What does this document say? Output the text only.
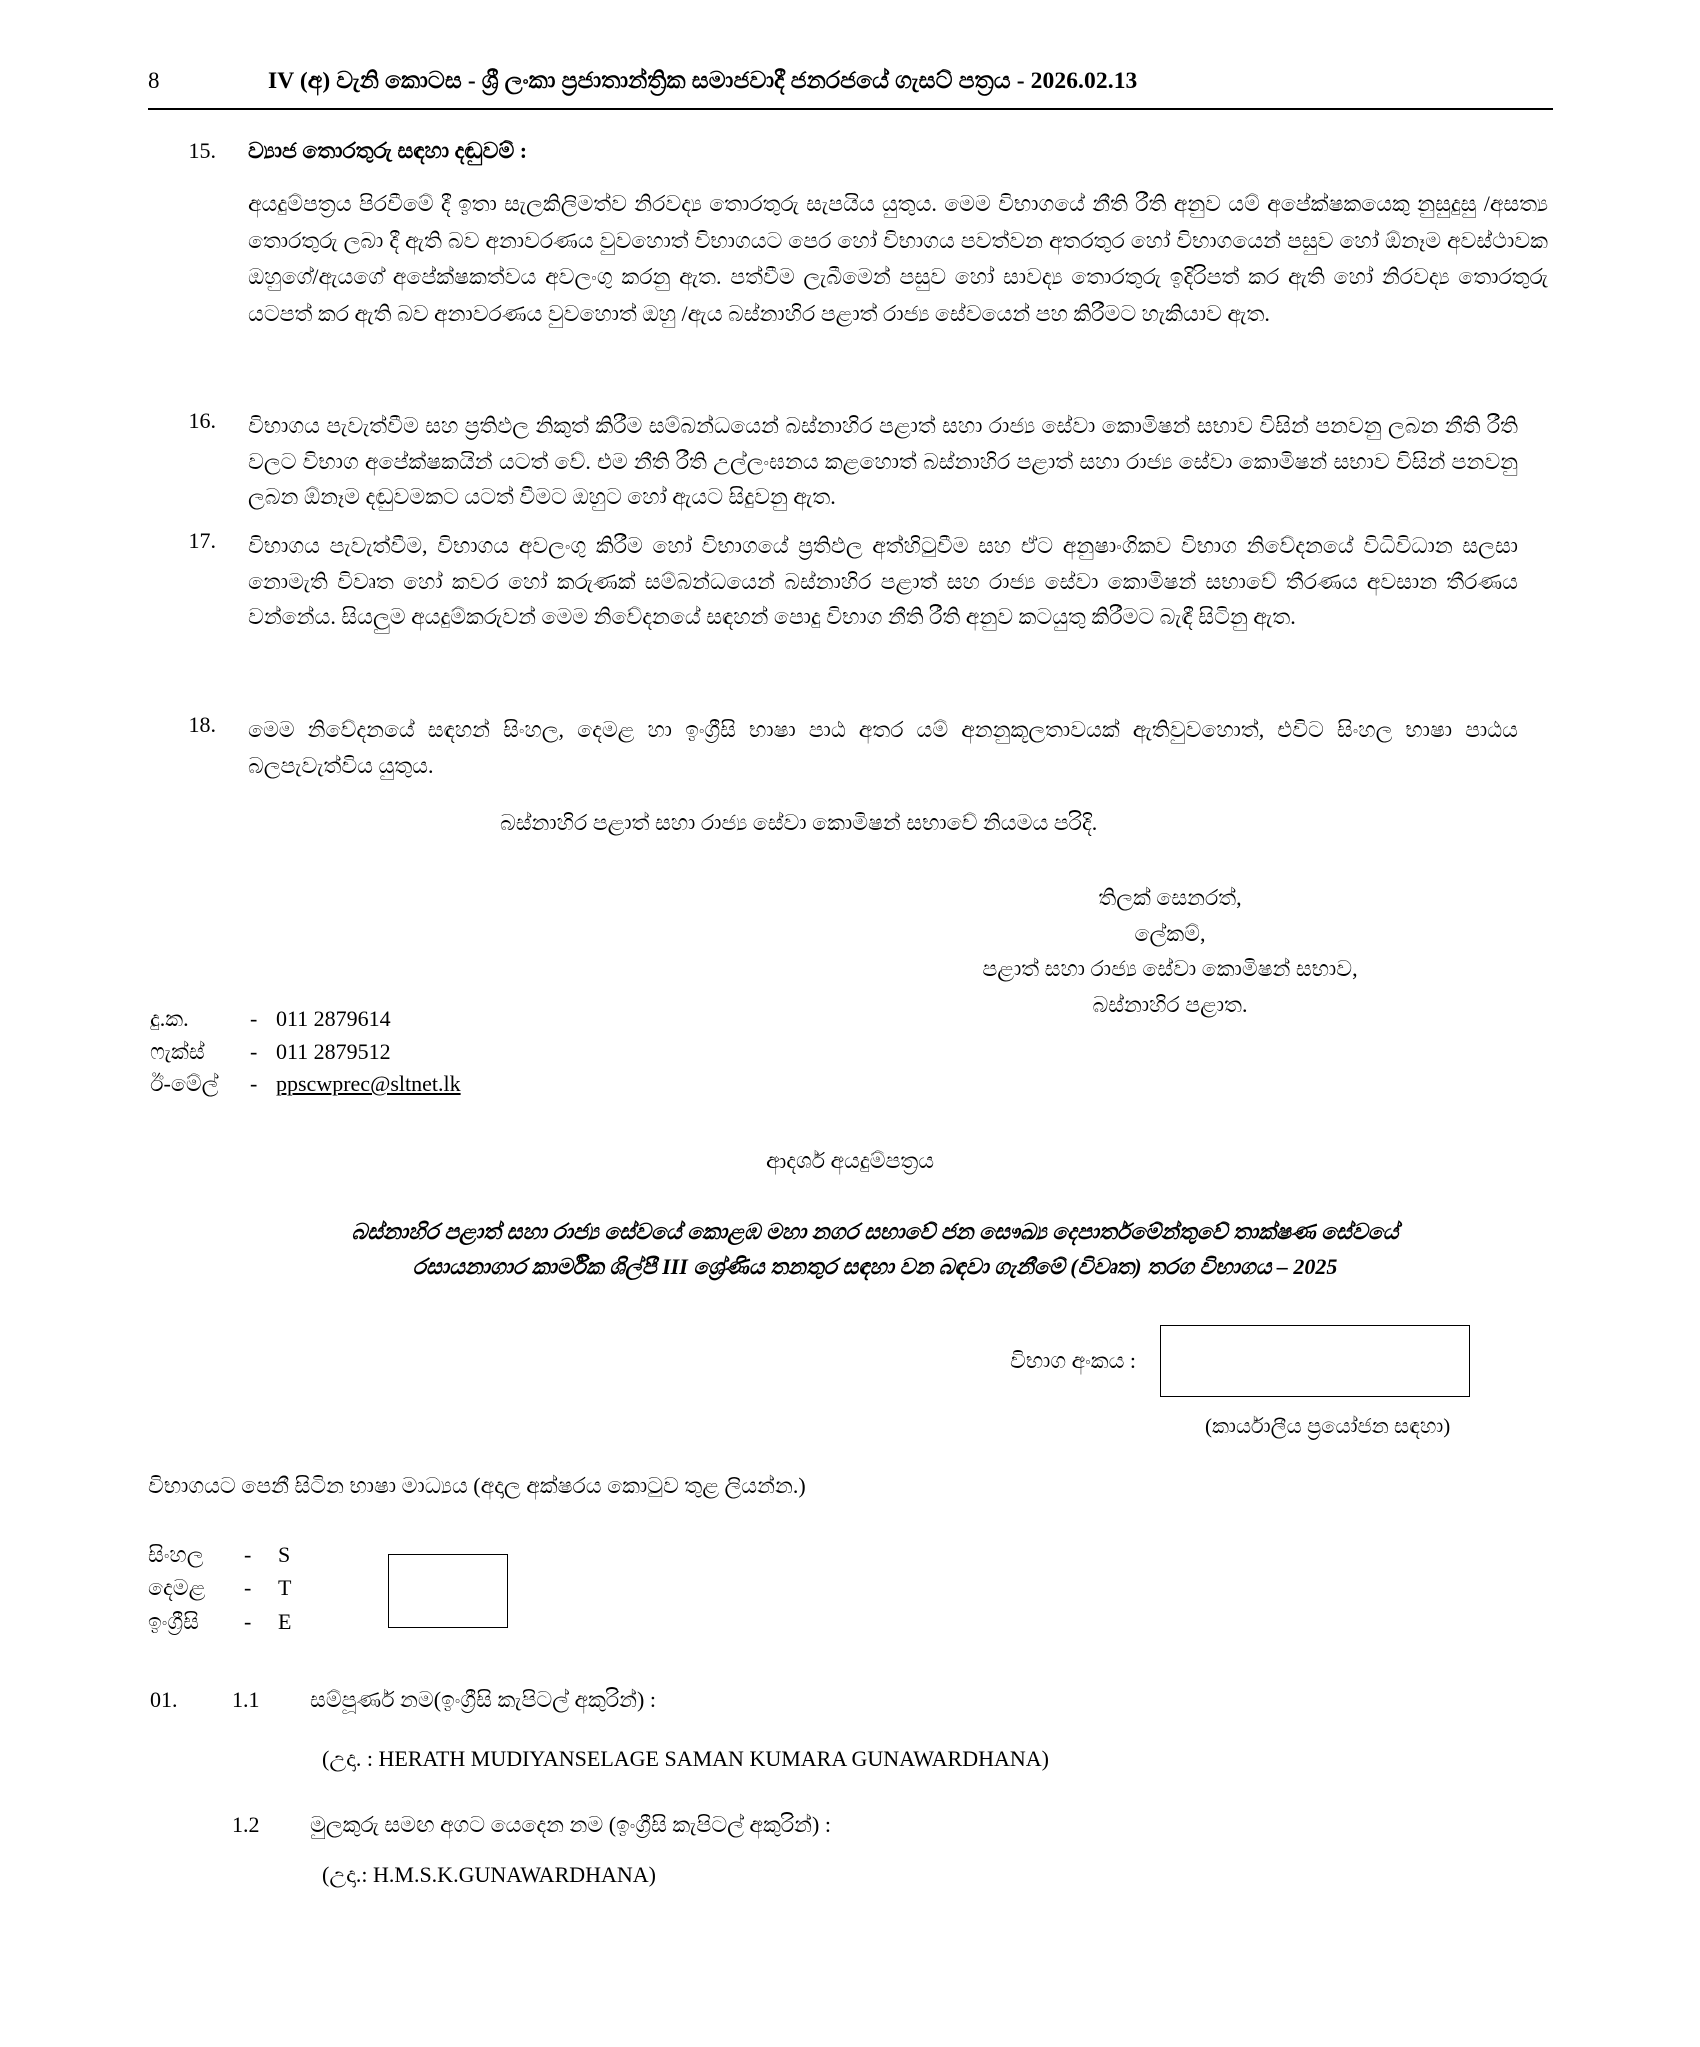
8	IV (අ) වැනි කොටස - ශ්‍රී ලංකා ප්‍රජාතාන්ත්‍රික සමාජවාදී ජනරජයේ ගැසට් පත්‍රය - 2026.02.13
15.	ව්‍යාජ තොරතුරු සඳහා දඬුවම් :
අයදුම්පත්‍රය පිරවීමේ දී ඉතා සැලකිලිමත්ව නිරවද්‍ය තොරතුරු සැපයිය යුතුය. මෙම විභාගයේ නීති රීති අනුව යම් අපේක්ෂකයෙකු නුසුදුසු /අසත්‍ය තොරතුරු ලබා දී ඇති බව අනාවරණය වුවහොත් විභාගයට පෙර හෝ විභාගය පවත්වන අතරතුර හෝ විභාගයෙන් පසුව හෝ ඕනෑම අවස්ථාවක ඔහුගේ/ඇයගේ අපේක්ෂකත්වය අවලංගු කරනු ඇත. පත්වීම ලැබීමෙන් පසුව හෝ සාවද්‍ය තොරතුරු ඉදිරිපත් කර ඇති හෝ නිරවද්‍ය තොරතුරු යටපත් කර ඇති බව අනාවරණය වුවහොත් ඔහු /ඇය බස්නාහිර පළාත් රාජ්‍ය සේවයෙන් පහ කිරීමට හැකියාව ඇත.
16.	විභාගය පැවැත්වීම සහ ප්‍රතිඵල නිකුත් කිරීම සම්බන්ධයෙන් බස්නාහිර පළාත් සහා රාජ්‍ය සේවා කොමිෂන් සභාව විසින් පනවනු ලබන නීති රීති වලට විභාග අපේක්ෂකයින් යටත් වේ. එම නීති රීති උල්ලංඝනය කළහොත් බස්නාහිර පළාත් සහා රාජ්‍ය සේවා කොමිෂන් සභාව විසින් පනවනු ලබන ඕනෑම දඬුවමකට යටත් වීමට ඔහුට හෝ ඇයට සිදුවනු ඇත.
17.	විභාගය පැවැත්වීම, විභාගය අවලංගු කිරීම හෝ විභාගයේ ප්‍රතිඵල අත්හිටුවීම සහ ඒට අනුෂාංගිකව විභාග නිවේදනයේ විධිවිධාන සලසා නොමැති විවෘත හෝ කවර හෝ කරුණක් සම්බන්ධයෙන් බස්නාහිර පළාත් සහ රාජ්‍ය සේවා කොමිෂන් සභාවේ තීරණය අවසාන තීරණය වන්නේය. සියලුම අයදුම්කරුවන් මෙම නිවේදනයේ සඳහන් පොදු විභාග නීති රීති අනුව කටයුතු කිරීමට බැඳී සිටිනු ඇත.
18.	මෙම නිවේදනයේ සඳහන් සිංහල, දෙමළ හා ඉංග්‍රීසි භාෂා පාඨ අතර යම් අනනුකූලතාවයක් ඇතිවුවහොත්, එවිට සිංහල භාෂා පාඨය බලපැවැත්විය යුතුය.
බස්නාහිර පළාත් සහා රාජ්‍ය සේවා කොමිෂන් සභාවේ නියමය පරිදි.
තිලක් සෙනරත්,
ලේකම්,
පළාත් සහා රාජ්‍ය සේවා කොමිෂන් සභාව,
බස්නාහිර පළාත.
දු.ක.	- 011 2879614
ෆැක්ස්	- 011 2879512
ඊ-මේල්	- ppscwprec@sltnet.lk
ආදර්ශ අයදුම්පත්‍රය
බස්නාහිර පළාත් සහා රාජ්‍ය සේවයේ කොළඹ මහා නගර සභාවේ ජන සෞඛ්‍ය දෙපාර්තමේන්තුවේ තාක්ෂණ සේවයේ
රසායනාගාර කාර්මික ශිල්පී III ශ්‍රේණිය තනතුර සඳහා වන බඳවා ගැනීමේ (විවෘත) තරග විභාගය – 2025
විභාග අංකය :
(කාර්යාලීය ප්‍රයෝජන සඳහා)
විභාගයට පෙනී සිටින භාෂා මාධ්‍යය (අදාල අක්ෂරය කොටුව තුළ ලියන්න.)
සිංහල	-	S
දෙමළ	-	T
ඉංග්‍රීසි	-	E
01. 1.1 සම්පූර්ණ නම(ඉංග්‍රීසි කැපිටල් අකුරින්) :
(උදා. : HERATH MUDIYANSELAGE SAMAN KUMARA GUNAWARDHANA)
1.2 මුලකුරු සමඟ අගට යෙදෙන නම (ඉංග්‍රීසි කැපිටල් අකුරින්) :
(උදා.: H.M.S.K.GUNAWARDHANA)
